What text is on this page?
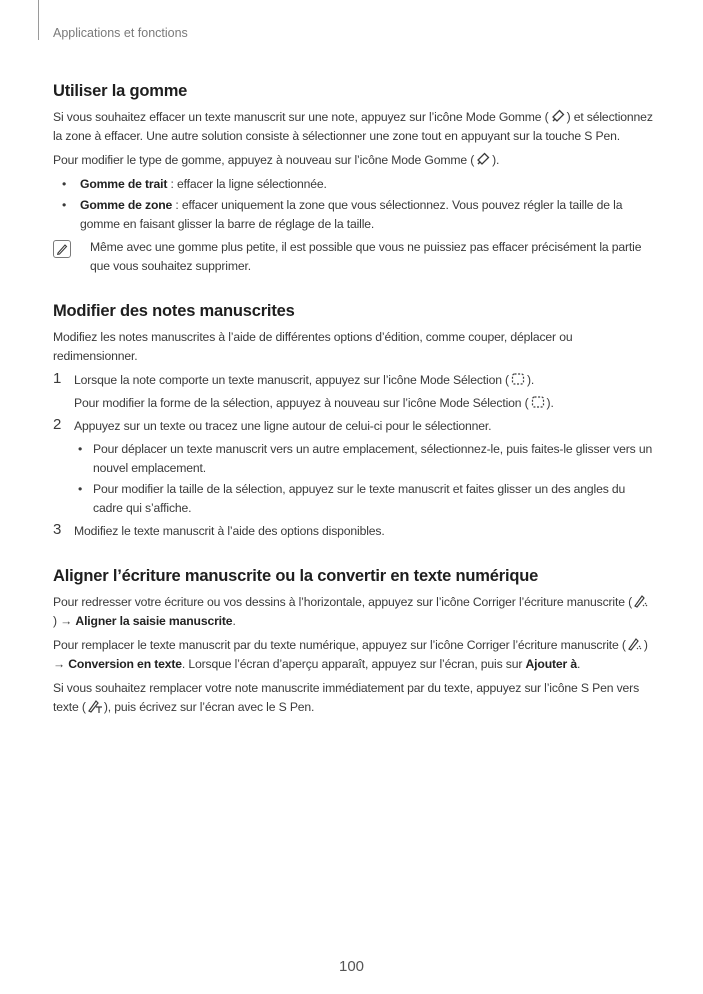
Applications et fonctions
Utiliser la gomme

Si vous souhaitez effacer un texte manuscrit sur une note, appuyez sur l’icône Mode Gomme ( ) et sélectionnez la zone à effacer. Une autre solution consiste à sélectionner une zone tout en appuyant sur la touche S Pen.

Pour modifier le type de gomme, appuyez à nouveau sur l’icône Mode Gomme ( ).

• Gomme de trait : effacer la ligne sélectionnée.
• Gomme de zone : effacer uniquement la zone que vous sélectionnez. Vous pouvez régler la taille de la gomme en faisant glisser la barre de réglage de la taille.
Même avec une gomme plus petite, il est possible que vous ne puissiez pas effacer précisément la partie que vous souhaitez supprimer.
Modifier des notes manuscrites

Modifiez les notes manuscrites à l’aide de différentes options d’édition, comme couper, déplacer ou redimensionner.

1 Lorsque la note comporte un texte manuscrit, appuyez sur l’icône Mode Sélection ( ).

Pour modifier la forme de la sélection, appuyez à nouveau sur l’icône Mode Sélection ( ).

2 Appuyez sur un texte ou tracez une ligne autour de celui-ci pour le sélectionner.

• Pour déplacer un texte manuscrit vers un autre emplacement, sélectionnez-le, puis faites-le glisser vers un nouvel emplacement.
• Pour modifier la taille de la sélection, appuyez sur le texte manuscrit et faites glisser un des angles du cadre qui s’affiche.
3 Modifiez le texte manuscrit à l’aide des options disponibles.

Aligner l’écriture manuscrite ou la convertir en texte numérique

Pour redresser votre écriture ou vos dessins à l’horizontale, appuyez sur l’icône Corriger l’écriture manuscrite () → Aligner la saisie manuscrite.

Pour remplacer le texte manuscrit par du texte numérique, appuyez sur l’icône Corriger l’écriture manuscrite ( ) → Conversion en texte. Lorsque l’écran d’aperçu apparaît, appuyez sur l’écran, puis sur Ajouter à.

Si vous souhaitez remplacer votre note manuscrite immédiatement par du texte, appuyez sur l’icône S Pen vers texte ( ), puis écrivez sur l’écran avec le S Pen.

100
